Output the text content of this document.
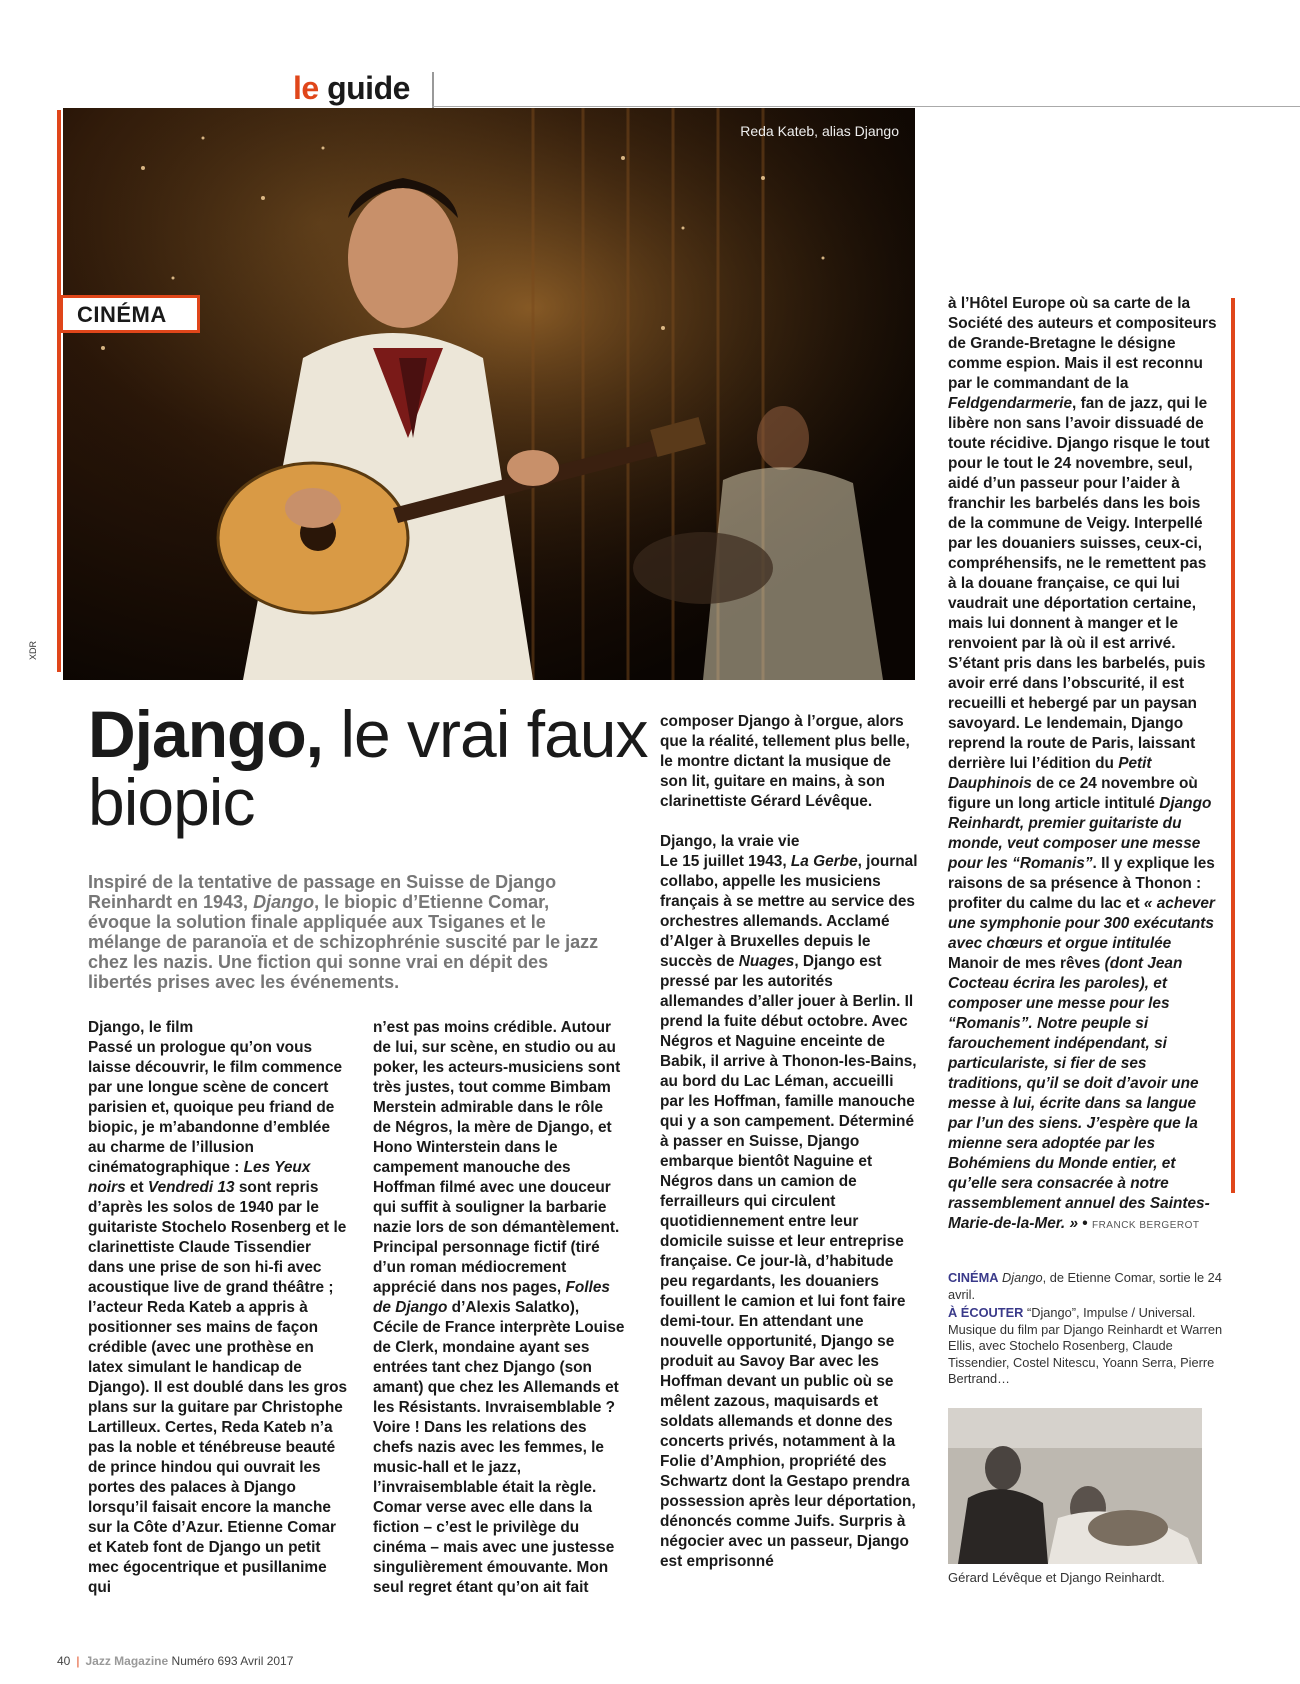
le guide
Reda Kateb, alias Django
XDR
CINÉMA
Django, le vrai faux biopic
Inspiré de la tentative de passage en Suisse de Django Reinhardt en 1943, Django, le biopic d’Etienne Comar, évoque la solution finale appliquée aux Tsiganes et le mélange de paranoïa et de schizophrénie suscité par le jazz chez les nazis. Une fiction qui sonne vrai en dépit des libertés prises avec les événements.

Django, le film

Passé un prologue qu’on vous laisse découvrir, le film commence par une longue scène de concert parisien et, quoique peu friand de biopic, je m’abandonne d’emblée au charme de l’illusion cinématographique : Les Yeux noirs et Vendredi 13 sont repris d’après les solos de 1940 par le guitariste Stochelo Rosenberg et le clarinettiste Claude Tissendier dans une prise de son hi-fi avec acoustique live de grand théâtre ; l’acteur Reda Kateb a appris à positionner ses mains de façon crédible (avec une prothèse en latex simulant le handicap de Django). Il est doublé dans les gros plans sur la guitare par Christophe Lartilleux. Certes, Reda Kateb n’a pas la noble et ténébreuse beauté de prince hindou qui ouvrait les portes des palaces à Django lorsqu’il faisait encore la manche sur la Côte d’Azur. Etienne Comar et Kateb font de Django un petit mec égocentrique et pusillanime qui

n’est pas moins crédible. Autour de lui, sur scène, en studio ou au poker, les acteurs-musiciens sont très justes, tout comme Bimbam Merstein admirable dans le rôle de Négros, la mère de Django, et Hono Winterstein dans le campement manouche des Hoffman filmé avec une douceur qui suffit à souligner la barbarie nazie lors de son démantèlement. Principal personnage fictif (tiré d’un roman médiocrement apprécié dans nos pages, Folles de Django d’Alexis Salatko), Cécile de France interprète Louise de Clerk, mondaine ayant ses entrées tant chez Django (son amant) que chez les Allemands et les Résistants. Invraisemblable ? Voire ! Dans les relations des chefs nazis avec les femmes, le music-hall et le jazz, l’invraisemblable était la règle. Comar verse avec elle dans la fiction – c’est le privilège du cinéma – mais avec une justesse singulièrement émouvante. Mon seul regret étant qu’on ait fait

composer Django à l’orgue, alors que la réalité, tellement plus belle, le montre dictant la musique de son lit, guitare en mains, à son clarinettiste Gérard Lévêque.

Django, la vraie vie

Le 15 juillet 1943, La Gerbe, journal collabo, appelle les musiciens français à se mettre au service des orchestres allemands. Acclamé d’Alger à Bruxelles depuis le succès de Nuages, Django est pressé par les autorités allemandes d’aller jouer à Berlin. Il prend la fuite début octobre. Avec Négros et Naguine enceinte de Babik, il arrive à Thonon-les-Bains, au bord du Lac Léman, accueilli par les Hoffman, famille manouche qui y a son campement. Déterminé à passer en Suisse, Django embarque bientôt Naguine et Négros dans un camion de ferrailleurs qui circulent quotidiennement entre leur domicile suisse et leur entreprise française. Ce jour-là, d’habitude peu regardants, les douaniers fouillent le camion et lui font faire demi-tour. En attendant une nouvelle opportunité, Django se produit au Savoy Bar avec les Hoffman devant un public où se mêlent zazous, maquisards et soldats allemands et donne des concerts privés, notamment à la Folie d’Amphion, propriété des Schwartz dont la Gestapo prendra possession après leur déportation, dénoncés comme Juifs. Surpris à négocier avec un passeur, Django est emprisonné

à l’Hôtel Europe où sa carte de la Société des auteurs et compositeurs de Grande-Bretagne le désigne comme espion. Mais il est reconnu par le commandant de la Feldgendarmerie, fan de jazz, qui le libère non sans l’avoir dissuadé de toute récidive. Django risque le tout pour le tout le 24 novembre, seul, aidé d’un passeur pour l’aider à franchir les barbelés dans les bois de la commune de Veigy. Interpellé par les douaniers suisses, ceux-ci, compréhensifs, ne le remettent pas à la douane française, ce qui lui vaudrait une déportation certaine, mais lui donnent à manger et le renvoient par là où il est arrivé. S’étant pris dans les barbelés, puis avoir erré dans l’obscurité, il est recueilli et hebergé par un paysan savoyard. Le lendemain, Django reprend la route de Paris, laissant derrière lui l’édition du Petit Dauphinois de ce 24 novembre où figure un long article intitulé Django Reinhardt, premier guitariste du monde, veut composer une messe pour les “Romanis”. Il y explique les raisons de sa présence à Thonon : profiter du calme du lac et « achever une symphonie pour 300 exécutants avec chœurs et orgue intitulée Manoir de mes rêves (dont Jean Cocteau écrira les paroles), et composer une messe pour les “Romanis”. Notre peuple si farouchement indépendant, si particulariste, si fier de ses traditions, qu’il se doit d’avoir une messe à lui, écrite dans sa langue par l’un des siens. J’espère que la mienne sera adoptée par les Bohémiens du Monde entier, et qu’elle sera consacrée à notre rassemblement annuel des Saintes-Marie-de-la-Mer. » • FRANCK BERGEROT

CINÉMA Django, de Etienne Comar, sortie le 24 avril.

À ÉCOUTER “Django”, Impulse / Universal. Musique du film par Django Reinhardt et Warren Ellis, avec Stochelo Rosenberg, Claude Tissendier, Costel Nitescu, Yoann Serra, Pierre Bertrand…

Gérard Lévêque et Django Reinhardt.
40 | Jazz Magazine Numéro 693 Avril 2017
